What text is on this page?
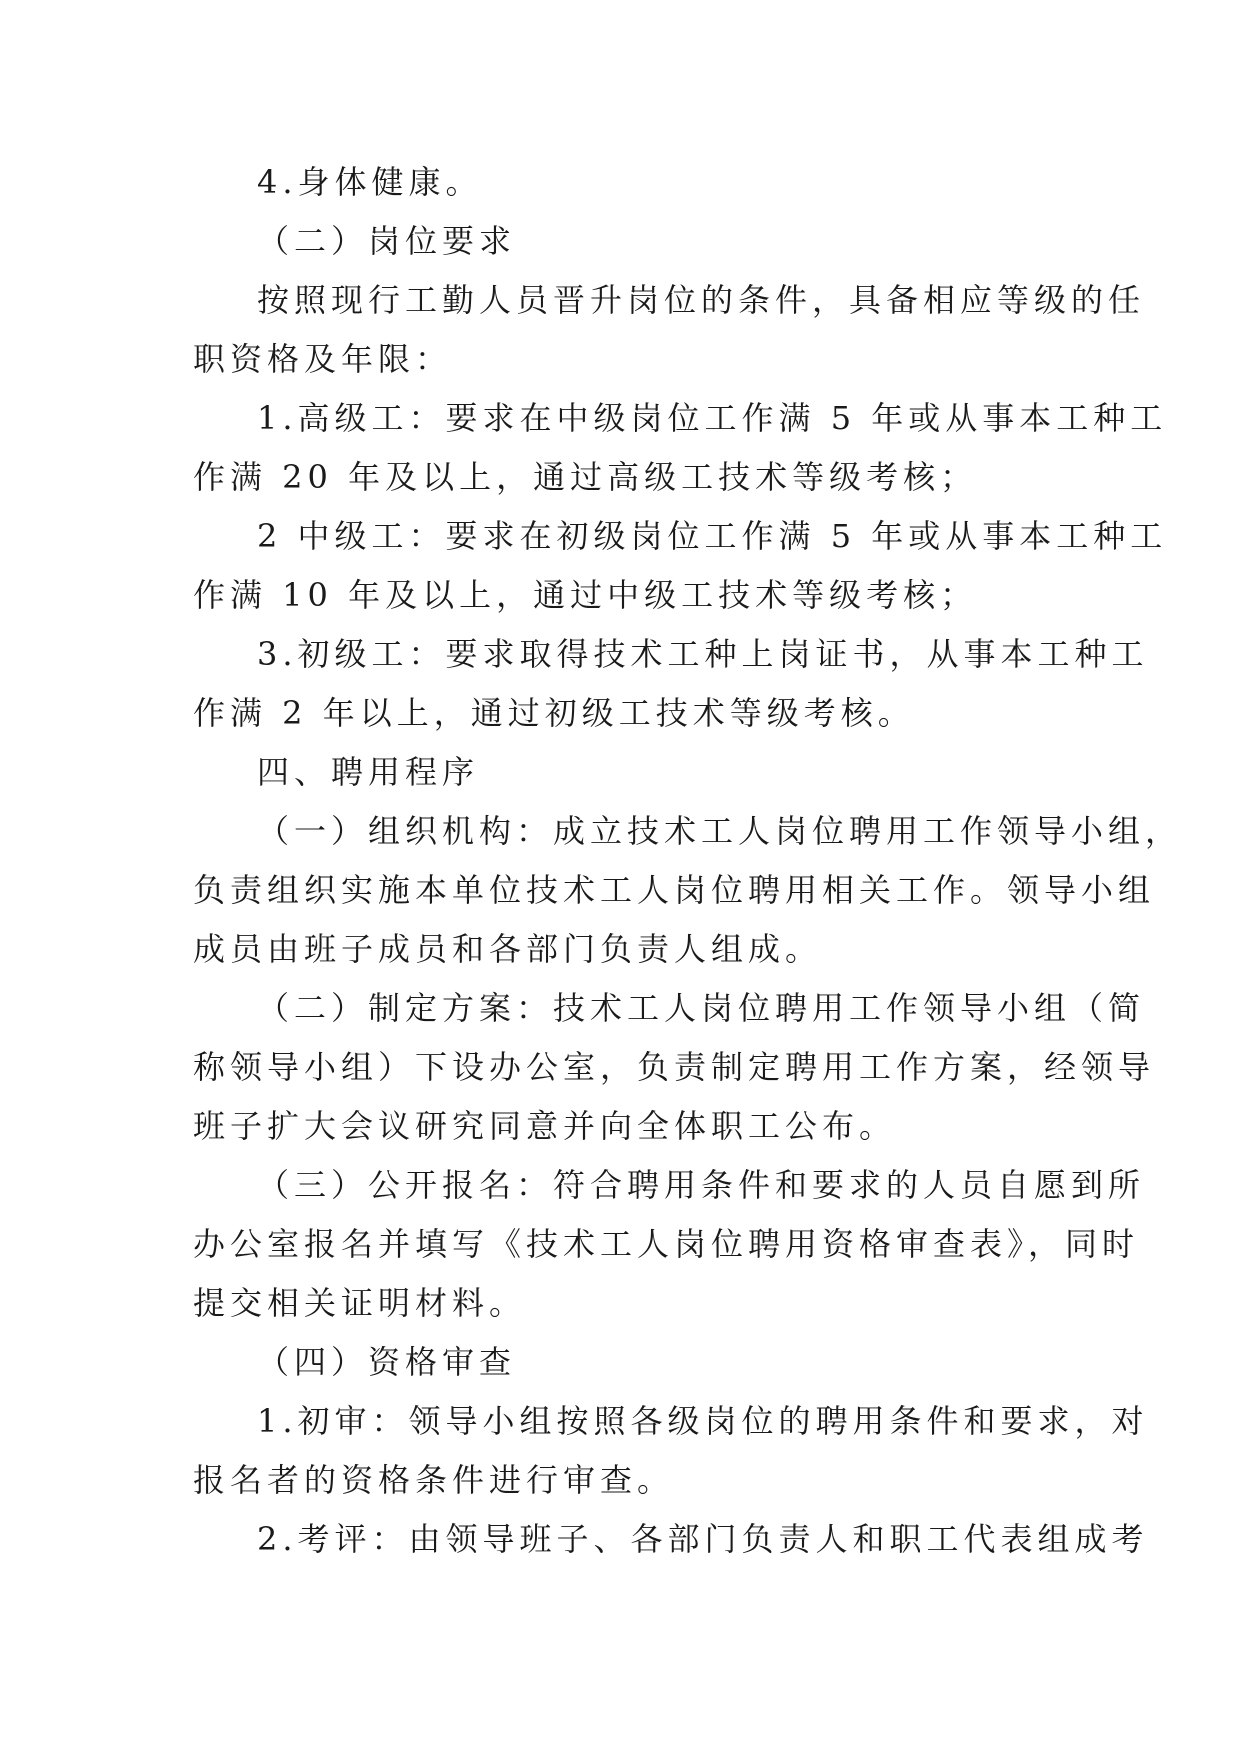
4.身体健康。
（二）岗位要求
按照现行工勤人员晋升岗位的条件，具备相应等级的任
职资格及年限：
1.高级工：要求在中级岗位工作满 5 年或从事本工种工
作满 20 年及以上，通过高级工技术等级考核；
2 中级工：要求在初级岗位工作满 5 年或从事本工种工
作满 10 年及以上，通过中级工技术等级考核；
3.初级工：要求取得技术工种上岗证书，从事本工种工
作满 2 年以上，通过初级工技术等级考核。
四、聘用程序
（一）组织机构：成立技术工人岗位聘用工作领导小组，
负责组织实施本单位技术工人岗位聘用相关工作。领导小组
成员由班子成员和各部门负责人组成。
（二）制定方案：技术工人岗位聘用工作领导小组（简
称领导小组）下设办公室，负责制定聘用工作方案，经领导
班子扩大会议研究同意并向全体职工公布。
（三）公开报名：符合聘用条件和要求的人员自愿到所
办公室报名并填写《技术工人岗位聘用资格审查表》，同时
提交相关证明材料。
（四）资格审查
1.初审：领导小组按照各级岗位的聘用条件和要求，对
报名者的资格条件进行审查。
2.考评：由领导班子、各部门负责人和职工代表组成考
